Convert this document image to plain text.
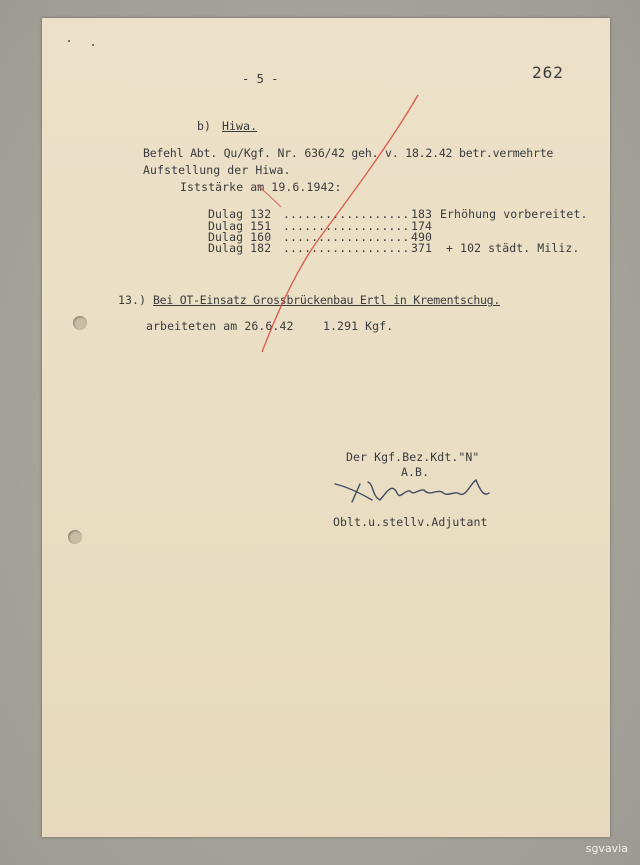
- 5 -	262
b) Hiwa.
Befehl Abt. Qu/Kgf. Nr. 636/42 geh. v. 18.2.42 betr.vermehrte
Aufstellung der Hiwa.
Iststärke am 19.6.1942:
Dulag 132 .................. 183 Erhöhung vorbereitet.
Dulag 151 .................. 174
Dulag 160 .................. 490
Dulag 182 .................. 371 + 102 städt. Miliz.
13.) Bei OT-Einsatz Grossbrückenbau Ertl in Krementschug.
arbeiteten am 26.6.42	1.291 Kgf.
Der Kgf.Bez.Kdt."N"
A.B.
Oblt.u.stellv.Adjutant
sgvavia
